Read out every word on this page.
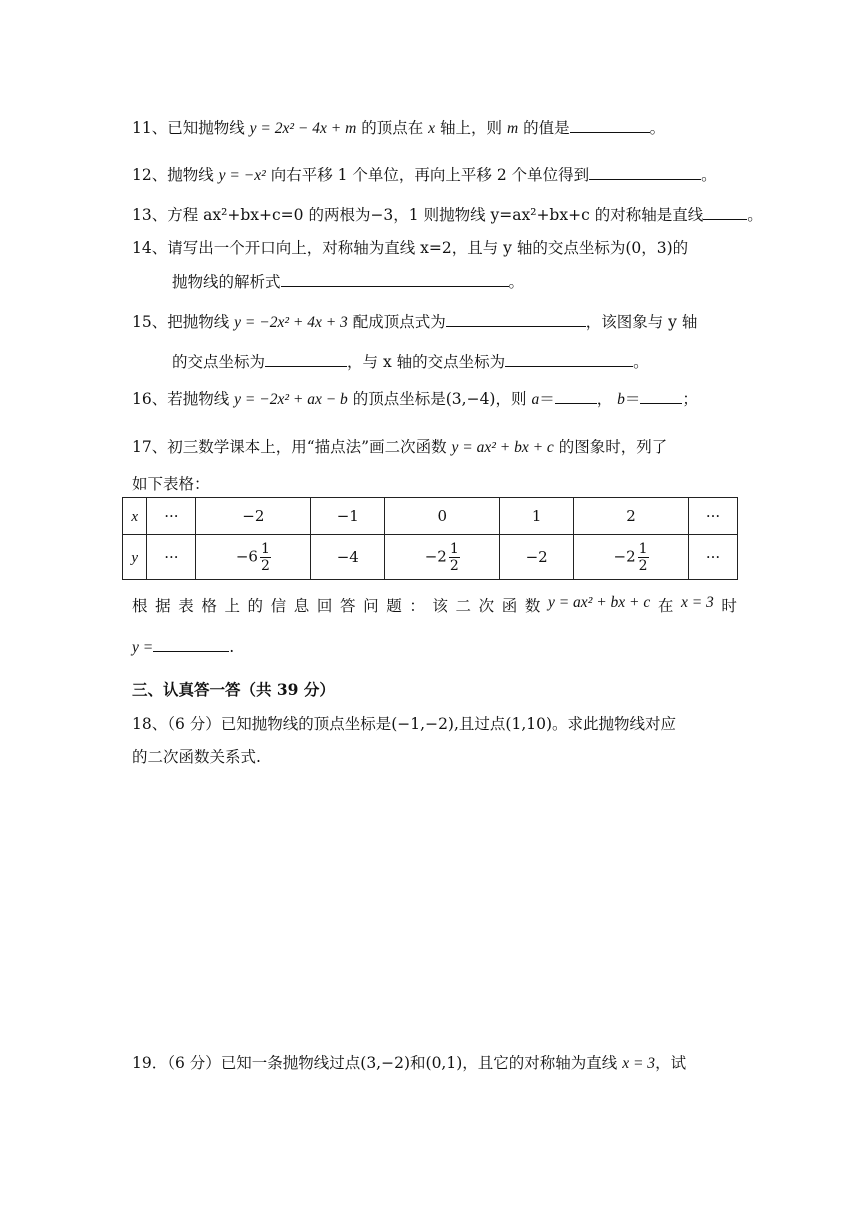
11、已知抛物线 y = 2x² − 4x + m 的顶点在 x 轴上，则 m 的值是	。
12、抛物线 y = −x² 向右平移 1 个单位，再向上平移 2 个单位得到	。
13、方程 ax²+bx+c=0 的两根为−3，1 则抛物线 y=ax²+bx+c 的对称轴是直线	。
14、请写出一个开口向上，对称轴为直线 x=2，且与 y 轴的交点坐标为(0，3)的
抛物线的解析式	。
15、把抛物线 y = −2x² + 4x + 3 配成顶点式为	，该图象与 y 轴
的交点坐标为	，与 x 轴的交点坐标为	。
16、若抛物线 y = −2x² + ax − b 的顶点坐标是(3,−4)，则 a＝	， b＝	；
17、初三数学课本上，用“描点法”画二次函数 y = ax² + bx + c 的图象时，列了
如下表格：
x	···	−2	−1	0	1	2	···
y	···	$-6 \frac{1}{2}$	−4	$-2 \frac{1}{2}$	−2	$-2 \frac{1}{2}$	···
根 据 表 格 上 的 信 息 回 答 问 题 ： 该 二 次 函 数 y = ax² + bx + c 在 x = 3 时
y =	.
三、认真答一答（共 39 分）
18、（6 分）已知抛物线的顶点坐标是(−1,−2),且过点(1,10)。求此抛物线对应
的二次函数关系式.
19．（6 分）已知一条抛物线过点(3,−2)和(0,1)，且它的对称轴为直线 x = 3，试
